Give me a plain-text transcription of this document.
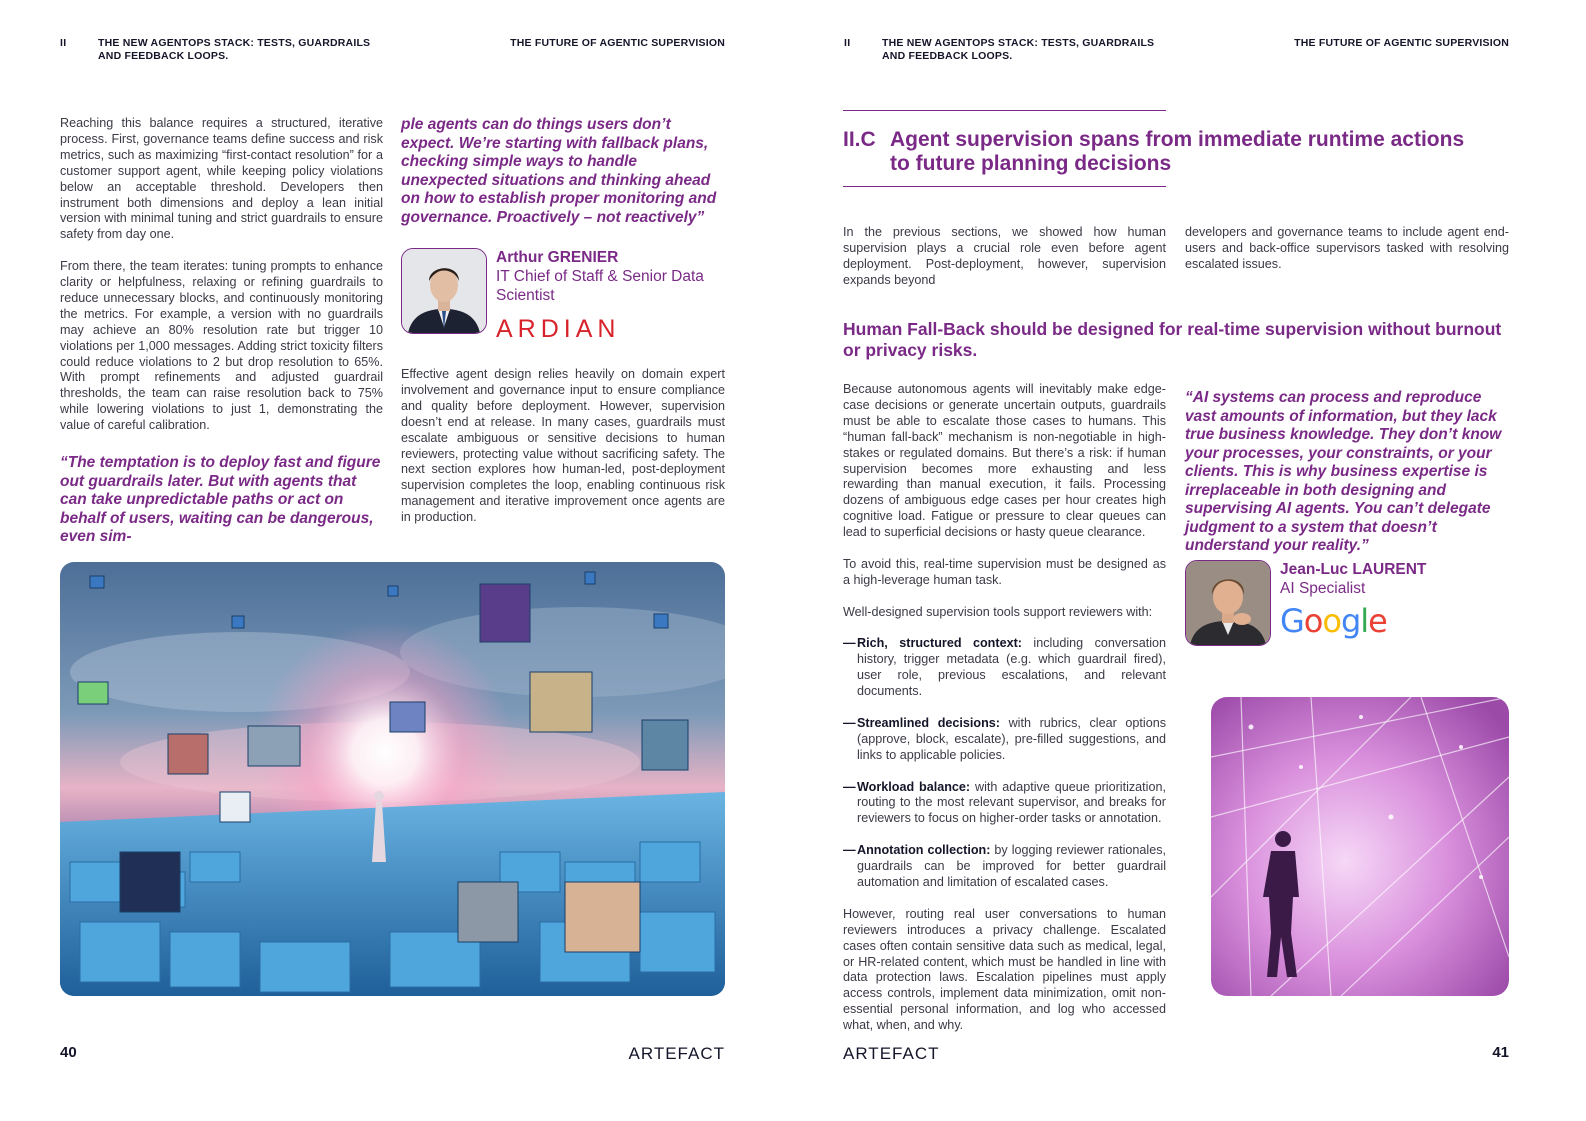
II	THE NEW AGENTOPS STACK: TESTS, GUARDRAILS AND FEEDBACK LOOPS.
THE FUTURE OF AGENTIC SUPERVISION

Reaching this balance requires a structured, iterative process. First, governance teams define success and risk metrics, such as maximizing “first-contact resolution” for a customer support agent, while keeping policy violations below an acceptable threshold. Developers then instrument both dimensions and deploy a lean initial version with minimal tuning and strict guardrails to ensure safety from day one.

From there, the team iterates: tuning prompts to enhance clarity or helpfulness, relaxing or refining guardrails to reduce unnecessary blocks, and continuously monitoring the metrics. For example, a version with no guardrails may achieve an 80% resolution rate but trigger 10 violations per 1,000 messages. Adding strict toxicity filters could reduce violations to 2 but drop resolution to 65%. With prompt refinements and adjusted guardrail thresholds, the team can raise resolution back to 75% while lowering violations to just 1, demonstrating the value of careful calibration.

“The temptation is to deploy fast and figure out guardrails later. But with agents that can take unpredictable paths or act on behalf of users, waiting can be dangerous, even sim-
ple agents can do things users don’t expect. We’re starting with fallback plans, checking simple ways to handle unexpected situations and thinking ahead on how to establish proper monitoring and governance. Proactively – not reactively”
Arthur GRENIER
IT Chief of Staff & Senior Data Scientist
ARDIAN
Effective agent design relies heavily on domain expert involvement and governance input to ensure compliance and quality before deployment. However, supervision doesn’t end at release. In many cases, guardrails must escalate ambiguous or sensitive decisions to human reviewers, protecting value without sacrificing safety. The next section explores how human-led, post-deployment supervision completes the loop, enabling continuous risk management and iterative improvement once agents are in production.
40	ARTEFACT
II	THE NEW AGENTOPS STACK: TESTS, GUARDRAILS AND FEEDBACK LOOPS.
THE FUTURE OF AGENTIC SUPERVISION
II.C Agent supervision spans from immediate runtime actions to future planning decisions
In the previous sections, we showed how human supervision plays a crucial role even before agent deployment. Post-deployment, however, supervision expands beyond
developers and governance teams to include agent end-users and back-office supervisors tasked with resolving escalated issues.
Human Fall-Back should be designed for real-time supervision without burnout or privacy risks.

Because autonomous agents will inevitably make edge-case decisions or generate uncertain outputs, guardrails must be able to escalate those cases to humans. This “human fall-back” mechanism is non-negotiable in high-stakes or regulated domains. But there’s a risk: if human supervision becomes more exhausting and less rewarding than manual execution, it fails. Processing dozens of ambiguous edge cases per hour creates high cognitive load. Fatigue or pressure to clear queues can lead to superficial decisions or hasty queue clearance.

To avoid this, real-time supervision must be designed as a high-leverage human task.

Well-designed supervision tools support reviewers with:

— Rich, structured context: including conversation history, trigger metadata (e.g. which guardrail fired), user role, previous escalations, and relevant documents.
— Streamlined decisions: with rubrics, clear options (approve, block, escalate), pre-filled suggestions, and links to applicable policies.
— Workload balance: with adaptive queue prioritization, routing to the most relevant supervisor, and breaks for reviewers to focus on higher-order tasks or annotation.
— Annotation collection: by logging reviewer rationales, guardrails can be improved for better guardrail automation and limitation of escalated cases.

However, routing real user conversations to human reviewers introduces a privacy challenge. Escalated cases often contain sensitive data such as medical, legal, or HR-related content, which must be handled in line with data protection laws. Escalation pipelines must apply access controls, implement data minimization, omit non-essential personal information, and log who accessed what, when, and why.

“AI systems can process and reproduce vast amounts of information, but they lack true business knowledge. They don’t know your processes, your constraints, or your clients. This is why business expertise is irreplaceable in both designing and supervising AI agents. You can’t delegate judgment to a system that doesn’t understand your reality.”
Jean-Luc LAURENT
AI Specialist
Google
ARTEFACT	41
